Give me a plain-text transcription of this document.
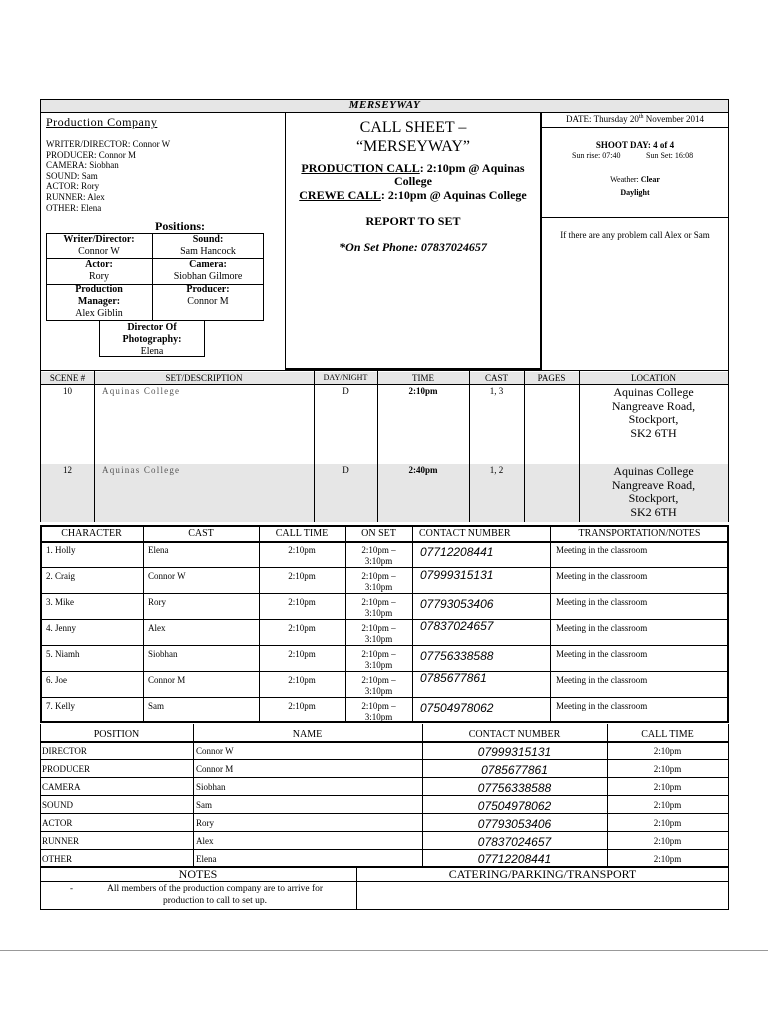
MERSEYWAY
Production Company
WRITER/DIRECTOR: Connor W
PRODUCER: Connor M
CAMERA: Siobhan
SOUND: Sam
ACTOR: Rory
RUNNER: Alex
OTHER: Elena
Positions:
Writer/Director:
Connor W
Sound:
Sam Hancock
Actor:
Rory
Camera:
Siobhan Gilmore
Production
Manager:
Alex Giblin
Producer:
Connor M
Director Of
Photography:
Elena
CALL SHEET –
“MERSEYWAY”
PRODUCTION CALL: 2:10pm @ Aquinas
College
CREWE CALL: 2:10pm @ Aquinas College
REPORT TO SET
*On Set Phone: 07837024657
DATE: Thursday 20th November 2014
SHOOT DAY: 4 of 4
Sun rise: 07:40	Sun Set: 16:08
Weather: Clear
Daylight
If there are any problem call Alex or Sam
SCENE #	SET/DESCRIPTION	DAY/NIGHT	TIME	CAST	PAGES	LOCATION
10	Aquinas College	D	2:10pm	1, 3	Aquinas College
Nangreave Road,
Stockport,
SK2 6TH
12	Aquinas College	D	2:40pm	1, 2	Aquinas College
Nangreave Road,
Stockport,
SK2 6TH
CHARACTER	CAST	CALL TIME	ON SET	CONTACT NUMBER	TRANSPORTATION/NOTES
1. Holly	Elena	2:10pm	2:10pm –
3:10pm
07712208441	Meeting in the classroom
2. Craig	Connor W	2:10pm	2:10pm –
3:10pm
07999315131	Meeting in the classroom
3. Mike	Rory	2:10pm	2:10pm –
3:10pm
07793053406	Meeting in the classroom
4. Jenny	Alex	2:10pm	2:10pm –
3:10pm
07837024657	Meeting in the classroom
5. Niamh	Siobhan	2:10pm	2:10pm –
3:10pm
07756338588	Meeting in the classroom
6. Joe	Connor M	2:10pm	2:10pm –
3:10pm
0785677861	Meeting in the classroom
7. Kelly	Sam	2:10pm	2:10pm –
3:10pm
07504978062	Meeting in the classroom
POSITION	NAME	CONTACT NUMBER	CALL TIME
DIRECTOR	Connor W	07999315131	2:10pm
PRODUCER	Connor M	0785677861	2:10pm
CAMERA	Siobhan	07756338588	2:10pm
SOUND	Sam	07504978062	2:10pm
ACTOR	Rory	07793053406	2:10pm
RUNNER	Alex	07837024657	2:10pm
OTHER	Elena	07712208441	2:10pm
NOTES	CATERING/PARKING/TRANSPORT
-	All members of the production company are to arrive for
production to call to set up.
